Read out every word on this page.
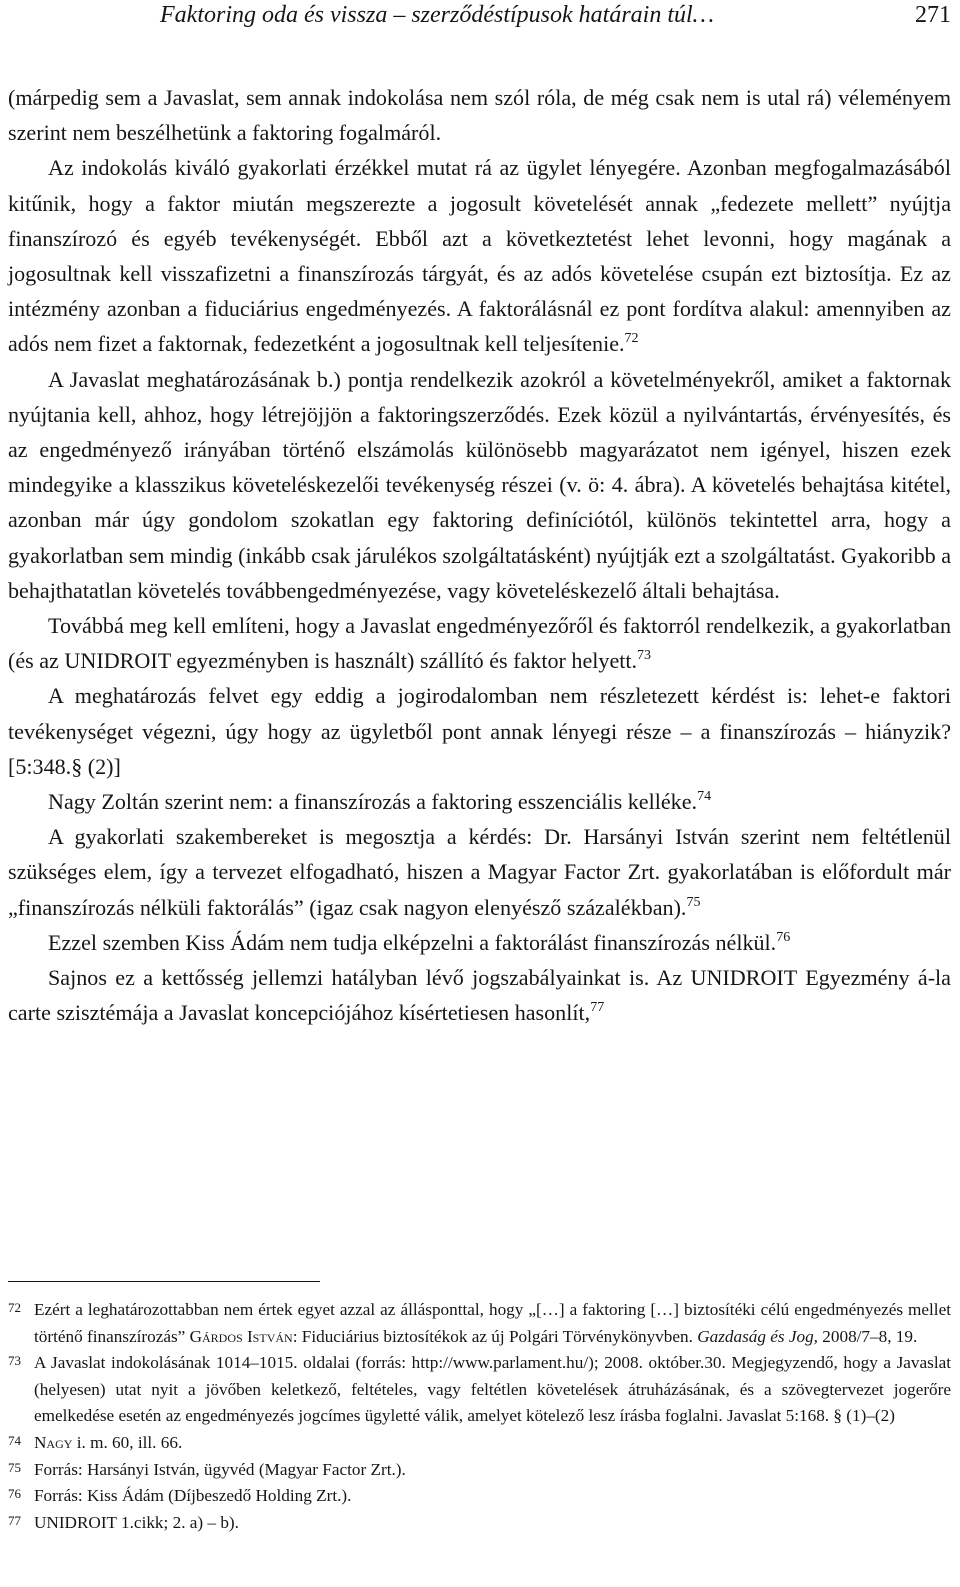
Faktoring oda és vissza – szerződéstípusok határain túl…	271

(márpedig sem a Javaslat, sem annak indokolása nem szól róla, de még csak nem is utal rá) véleményem szerint nem beszélhetünk a faktoring fogalmáról.

Az indokolás kiváló gyakorlati érzékkel mutat rá az ügylet lényegére. Azonban megfogalmazásából kitűnik, hogy a faktor miután megszerezte a jogosult követelését annak „fedezete mellett” nyújtja finanszírozó és egyéb tevékenységét. Ebből azt a következtetést lehet levonni, hogy magának a jogosultnak kell visszafizetni a finanszírozás tárgyát, és az adós követelése csupán ezt biztosítja. Ez az intézmény azonban a fiduciárius engedményezés. A faktorálásnál ez pont fordítva alakul: amennyiben az adós nem fizet a faktornak, fedezetként a jogosultnak kell teljesítenie.$^{72}$

A Javaslat meghatározásának b.) pontja rendelkezik azokról a követelményekről, amiket a faktornak nyújtania kell, ahhoz, hogy létrejöjjön a faktoringszerződés. Ezek közül a nyilvántartás, érvényesítés, és az engedményező irányában történő elszámolás különösebb magyarázatot nem igényel, hiszen ezek mindegyike a klasszikus követeléskezelői tevékenység részei (v. ö: 4. ábra). A követelés behajtása kitétel, azonban már úgy gondolom szokatlan egy faktoring definíciótól, különös tekintettel arra, hogy a gyakorlatban sem mindig (inkább csak járulékos szolgáltatásként) nyújtják ezt a szolgáltatást. Gyakoribb a behajthatatlan követelés továbbengedményezése, vagy követeléskezelő általi behajtása.

Továbbá meg kell említeni, hogy a Javaslat engedményezőről és faktorról rendelkezik, a gyakorlatban (és az UNIDROIT egyezményben is használt) szállító és faktor helyett.$^{73}$

A meghatározás felvet egy eddig a jogirodalomban nem részletezett kérdést is: lehet-e faktori tevékenységet végezni, úgy hogy az ügyletből pont annak lényegi része – a finanszírozás – hiányzik? [5:348.§ (2)]

Nagy Zoltán szerint nem: a finanszírozás a faktoring esszenciális kelléke.$^{74}$

A gyakorlati szakembereket is megosztja a kérdés: Dr. Harsányi István szerint nem feltétlenül szükséges elem, így a tervezet elfogadható, hiszen a Magyar Factor Zrt. gyakorlatában is előfordult már „finanszírozás nélküli faktorálás” (igaz csak nagyon elenyésző százalékban).$^{75}$

Ezzel szemben Kiss Ádám nem tudja elképzelni a faktorálást finanszírozás nélkül.$^{76}$

Sajnos ez a kettősség jellemzi hatályban lévő jogszabályainkat is. Az UNIDROIT Egyezmény á-la carte szisztémája a Javaslat koncepciójához kísértetiesen hasonlít,$^{77}$

72 Ezért a leghatározottabban nem értek egyet azzal az állásponttal, hogy „[…] a faktoring […] biztosítéki célú engedményezés mellet történő finanszírozás” Gárdos István: Fiduciárius biztosítékok az új Polgári Törvénykönyvben. Gazdaság és Jog, 2008/7–8, 19.
73 A Javaslat indokolásának 1014–1015. oldalai (forrás: http://www.parlament.hu/); 2008. október.30. Megjegyzendő, hogy a Javaslat (helyesen) utat nyit a jövőben keletkező, feltételes, vagy feltétlen követelések átruházásának, és a szövegtervezet jogerőre emelkedése esetén az engedményezés jogcímes ügyletté válik, amelyet kötelező lesz írásba foglalni. Javaslat 5:168. § (1)–(2)
74 Nagy i. m. 60, ill. 66.
75 Forrás: Harsányi István, ügyvéd (Magyar Factor Zrt.).
76 Forrás: Kiss Ádám (Díjbeszedő Holding Zrt.).
77 UNIDROIT 1.cikk; 2. a) – b).
